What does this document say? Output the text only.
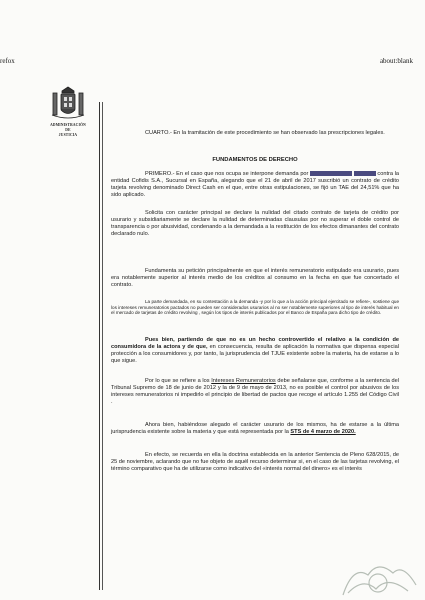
refox	about:blank
ADMINISTRACIÓN
DE
JUSTICIA	CUARTO.- En la tramitación de este procedimiento se han observado las prescripciones legales.

FUNDAMENTOS DE DERECHO

PRIMERO.- En el caso que nos ocupa se interpone demanda por	contra la entidad Cofidis S.A., Sucursal en España, alegando que el 21 de abril de 2017 suscribió un contrato de crédito tarjeta revolving denominado Direct Cash en el que, entre otras estipulaciones, se fijó un TAE del 24,51% que ha sido aplicado.

Solicita con carácter principal se declare la nulidad del citado contrato de tarjeta de crédito por usurario y subsidiariamente se declare la nulidad de determinadas clausulas por no superar el doble control de transparencia o por abusividad, condenando a la demandada a la restitución de los efectos dimanantes del contrato declarado nulo.

Fundamenta su petición principalmente en que el interés remuneratorio estipulado era usurario, pues era notablemente superior al interés medio de los créditos al consumo en la fecha en que fue concertado el contrato.

La parte demandada, en su contestación a la demanda -y por lo que a la acción principal ejercitado se refiere-, sostiene que los intereses remuneratorios pactados no pueden ser considerados usurarios al no ser notablemente superiores al tipo de interés habitual en el mercado de tarjetas de crédito revolving , según los tipos de interés publicados por el Banco de España para dicho tipo de crédito.

Pues bien, partiendo de que no es un hecho controvertido el relativo a la condición de consumidora de la actora y de que, en consecuencia, resulta de aplicación la normativa que dispensa especial protección a los consumidores y, por tanto, la jurisprudencia del TJUE existente sobre la materia, ha de estarse a lo que sigue.

Por lo que se refiere a los Intereses Remuneratorios debe señalarse que, conforme a la sentencia del Tribunal Supremo de 18 de junio de 2012 y la de 9 de mayo de 2013, no es posible el control por abusivos de los intereses remuneratorios ni impedirlo el principio de libertad de pactos que recoge el artículo 1.255 del Código Civil .

Ahora bien, habiéndose alegado el carácter usurario de los mismos, ha de estarse a la última jurisprudencia existente sobre la materia y que está representada por la STS de 4 marzo de 2020.

En efecto, se recuerda en ella la doctrina establecida en la anterior Sentencia de Pleno 628/2015, de 25 de noviembre, aclarando que no fue objeto de aquél recurso determinar si, en el caso de las tarjetas revolving, el término comparativo que ha de utilizarse como indicativo del «interés normal del dinero» es el interés
